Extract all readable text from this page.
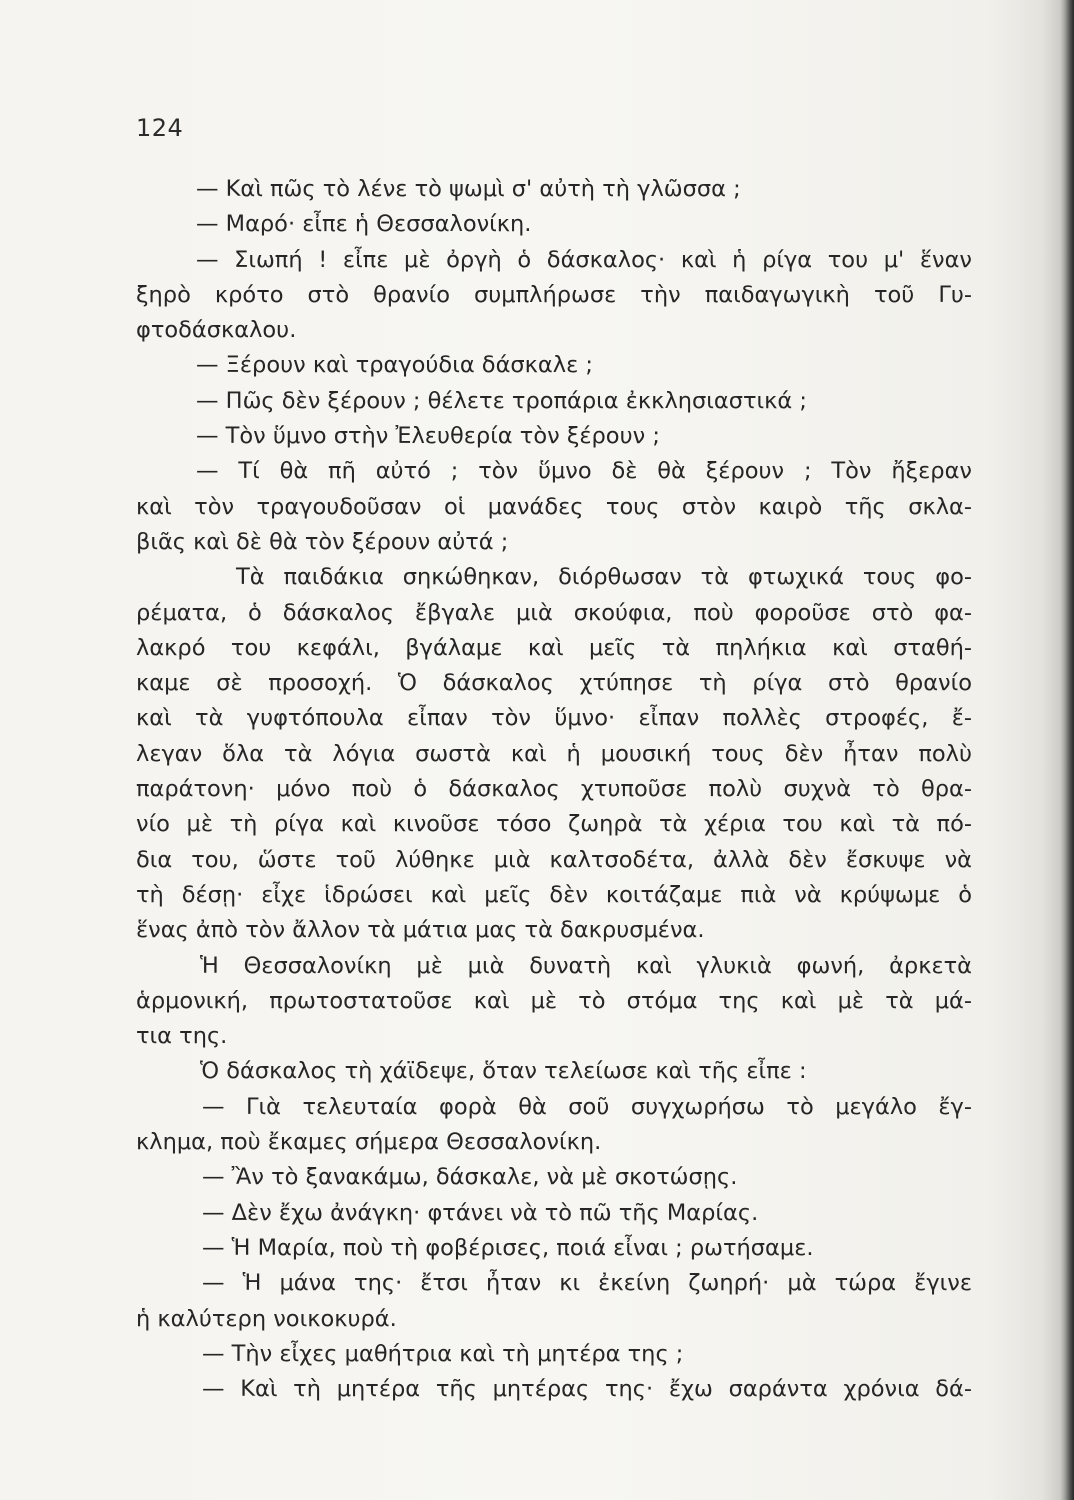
124
— Καὶ πῶς τὸ λένε τὸ ψωμὶ σ' αὐτὴ τὴ γλῶσσα ;
— Μαρό· εἶπε ἡ Θεσσαλονίκη.
— Σιωπή ! εἶπε μὲ ὀργὴ ὁ δάσκαλος· καὶ ἡ ρίγα του μ' ἕναν
ξηρὸ κρότο στὸ θρανίο συμπλήρωσε τὴν παιδαγωγικὴ τοῦ Γυ-
φτοδάσκαλου.
— Ξέρουν καὶ τραγούδια δάσκαλε ;
— Πῶς δὲν ξέρουν ; θέλετε τροπάρια ἐκκλησιαστικά ;
— Τὸν ὕμνο στὴν Ἐλευθερία τὸν ξέρουν ;
— Τί θὰ πῆ αὐτό ; τὸν ὕμνο δὲ θὰ ξέρουν ; Τὸν ἤξεραν
καὶ τὸν τραγουδοῦσαν οἱ μανάδες τους στὸν καιρὸ τῆς σκλα-
βιᾶς καὶ δὲ θὰ τὸν ξέρουν αὐτά ;
Τὰ παιδάκια σηκώθηκαν, διόρθωσαν τὰ φτωχικά τους φο-
ρέματα, ὁ δάσκαλος ἔβγαλε μιὰ σκούφια, ποὺ φοροῦσε στὸ φα-
λακρό του κεφάλι, βγάλαμε καὶ μεῖς τὰ πηλήκια καὶ σταθή-
καμε σὲ προσοχή. Ὁ δάσκαλος χτύπησε τὴ ρίγα στὸ θρανίο
καὶ τὰ γυφτόπουλα εἶπαν τὸν ὕμνο· εἶπαν πολλὲς στροφές, ἔ-
λεγαν ὅλα τὰ λόγια σωστὰ καὶ ἡ μουσική τους δὲν ἦταν πολὺ
παράτονη· μόνο ποὺ ὁ δάσκαλος χτυποῦσε πολὺ συχνὰ τὸ θρα-
νίο μὲ τὴ ρίγα καὶ κινοῦσε τόσο ζωηρὰ τὰ χέρια του καὶ τὰ πό-
δια του, ὥστε τοῦ λύθηκε μιὰ καλτσοδέτα, ἀλλὰ δὲν ἔσκυψε νὰ
τὴ δέσῃ· εἶχε ἱδρώσει καὶ μεῖς δὲν κοιτάζαμε πιὰ νὰ κρύψωμε ὁ
ἕνας ἀπὸ τὸν ἄλλον τὰ μάτια μας τὰ δακρυσμένα.
Ἡ Θεσσαλονίκη μὲ μιὰ δυνατὴ καὶ γλυκιὰ φωνή, ἀρκετὰ
ἁρμονική, πρωτοστατοῦσε καὶ μὲ τὸ στόμα της καὶ μὲ τὰ μά-
τια της.
Ὁ δάσκαλος τὴ χάϊδεψε, ὅταν τελείωσε καὶ τῆς εἶπε :
— Γιὰ τελευταία φορὰ θὰ σοῦ συγχωρήσω τὸ μεγάλο ἔγ-
κλημα, ποὺ ἔκαμες σήμερα Θεσσαλονίκη.
— Ἂν τὸ ξανακάμω, δάσκαλε, νὰ μὲ σκοτώσῃς.
— Δὲν ἔχω ἀνάγκη· φτάνει νὰ τὸ πῶ τῆς Μαρίας.
— Ἡ Μαρία, ποὺ τὴ φοβέρισες, ποιά εἶναι ; ρωτήσαμε.
— Ἡ μάνα της· ἔτσι ἦταν κι ἐκείνη ζωηρή· μὰ τώρα ἔγινε
ἡ καλύτερη νοικοκυρά.
— Τὴν εἶχες μαθήτρια καὶ τὴ μητέρα της ;
— Καὶ τὴ μητέρα τῆς μητέρας της· ἔχω σαράντα χρόνια δά-
